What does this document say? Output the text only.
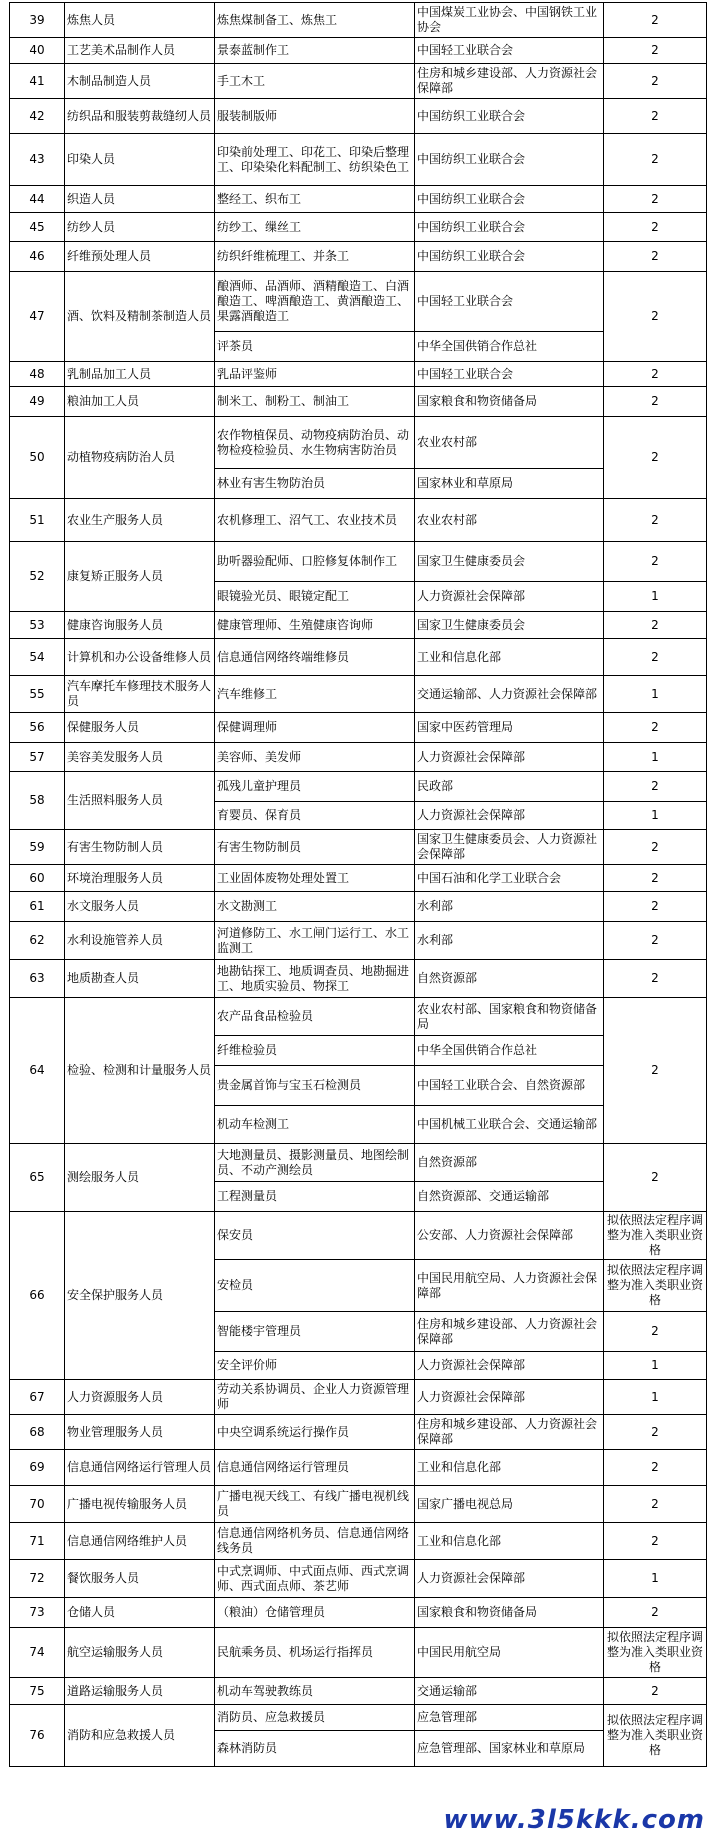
39	炼焦人员	炼焦煤制备工、炼焦工	中国煤炭工业协会、中国钢铁工业协会	2
40	工艺美术品制作人员	景泰蓝制作工	中国轻工业联合会	2
41	木制品制造人员	手工木工	住房和城乡建设部、人力资源社会保障部	2
42	纺织品和服装剪裁缝纫人员	服装制版师	中国纺织工业联合会	2
43	印染人员	印染前处理工、印花工、印染后整理工、印染染化料配制工、纺织染色工	中国纺织工业联合会	2
44	织造人员	整经工、织布工	中国纺织工业联合会	2
45	纺纱人员	纺纱工、缫丝工	中国纺织工业联合会	2
46	纤维预处理人员	纺织纤维梳理工、并条工	中国纺织工业联合会	2
47	酒、饮料及精制茶制造人员	酿酒师、品酒师、酒精酿造工、白酒酿造工、啤酒酿造工、黄酒酿造工、果露酒酿造工	中国轻工业联合会	2
		评茶员	中华全国供销合作总社	
48	乳制品加工人员	乳品评鉴师	中国轻工业联合会	2
49	粮油加工人员	制米工、制粉工、制油工	国家粮食和物资储备局	2
50	动植物疫病防治人员	农作物植保员、动物疫病防治员、动物检疫检验员、水生物病害防治员	农业农村部	2
		林业有害生物防治员	国家林业和草原局	
51	农业生产服务人员	农机修理工、沼气工、农业技术员	农业农村部	2
52	康复矫正服务人员	助听器验配师、口腔修复体制作工	国家卫生健康委员会	2
		眼镜验光员、眼镜定配工	人力资源社会保障部	1
53	健康咨询服务人员	健康管理师、生殖健康咨询师	国家卫生健康委员会	2
54	计算机和办公设备维修人员	信息通信网络终端维修员	工业和信息化部	2
55	汽车摩托车修理技术服务人员	汽车维修工	交通运输部、人力资源社会保障部	1
56	保健服务人员	保健调理师	国家中医药管理局	2
57	美容美发服务人员	美容师、美发师	人力资源社会保障部	1
58	生活照料服务人员	孤残儿童护理员	民政部	2
		育婴员、保育员	人力资源社会保障部	1
59	有害生物防制人员	有害生物防制员	国家卫生健康委员会、人力资源社会保障部	2
60	环境治理服务人员	工业固体废物处理处置工	中国石油和化学工业联合会	2
61	水文服务人员	水文勘测工	水利部	2
62	水利设施管养人员	河道修防工、水工闸门运行工、水工监测工	水利部	2
63	地质勘查人员	地勘钻探工、地质调查员、地勘掘进工、地质实验员、物探工	自然资源部	2
64	检验、检测和计量服务人员	农产品食品检验员	农业农村部、国家粮食和物资储备局	2
		纤维检验员	中华全国供销合作总社	
		贵金属首饰与宝玉石检测员	中国轻工业联合会、自然资源部	
		机动车检测工	中国机械工业联合会、交通运输部	
65	测绘服务人员	大地测量员、摄影测量员、地图绘制员、不动产测绘员	自然资源部	2
		工程测量员	自然资源部、交通运输部	
66	安全保护服务人员	保安员	公安部、人力资源社会保障部	拟依照法定程序调整为准入类职业资格
		安检员	中国民用航空局、人力资源社会保障部	拟依照法定程序调整为准入类职业资格
		智能楼宇管理员	住房和城乡建设部、人力资源社会保障部	2
		安全评价师	人力资源社会保障部	1
67	人力资源服务人员	劳动关系协调员、企业人力资源管理师	人力资源社会保障部	1
68	物业管理服务人员	中央空调系统运行操作员	住房和城乡建设部、人力资源社会保障部	2
69	信息通信网络运行管理人员	信息通信网络运行管理员	工业和信息化部	2
70	广播电视传输服务人员	广播电视天线工、有线广播电视机线员	国家广播电视总局	2
71	信息通信网络维护人员	信息通信网络机务员、信息通信网络线务员	工业和信息化部	2
72	餐饮服务人员	中式烹调师、中式面点师、西式烹调师、西式面点师、茶艺师	人力资源社会保障部	1
73	仓储人员	（粮油）仓储管理员	国家粮食和物资储备局	2
74	航空运输服务人员	民航乘务员、机场运行指挥员	中国民用航空局	拟依照法定程序调整为准入类职业资格
75	道路运输服务人员	机动车驾驶教练员	交通运输部	2
76	消防和应急救援人员	消防员、应急救援员	应急管理部	拟依照法定程序调整为准入类职业资格
		森林消防员	应急管理部、国家林业和草原局	
www.3l5kkk.com
